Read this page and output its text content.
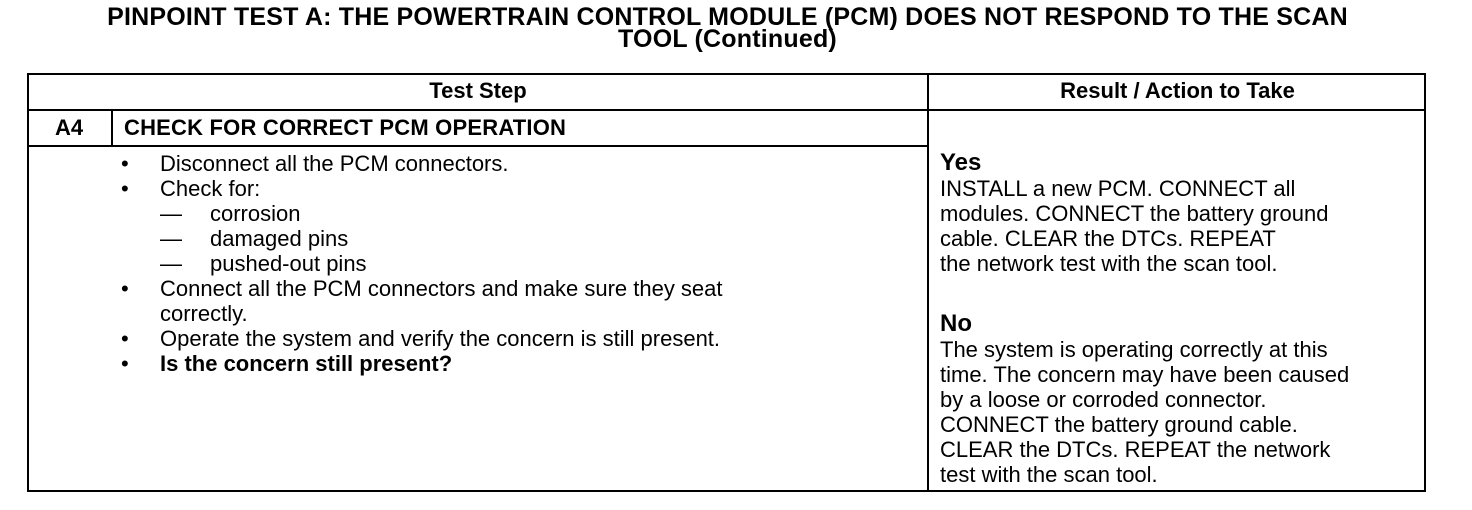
PINPOINT TEST A: THE POWERTRAIN CONTROL MODULE (PCM) DOES NOT RESPOND TO THE SCAN
TOOL (Continued)
Test Step	Result / Action to Take
A4	CHECK FOR CORRECT PCM OPERATION
• Disconnect all the PCM connectors.
• Check for:
— corrosion
— damaged pins
— pushed-out pins
• Connect all the PCM connectors and make sure they seat
correctly.
• Operate the system and verify the concern is still present.
• Is the concern still present?
Yes
INSTALL a new PCM. CONNECT all
modules. CONNECT the battery ground
cable. CLEAR the DTCs. REPEAT
the network test with the scan tool.
No
The system is operating correctly at this
time. The concern may have been caused
by a loose or corroded connector.
CONNECT the battery ground cable.
CLEAR the DTCs. REPEAT the network
test with the scan tool.
